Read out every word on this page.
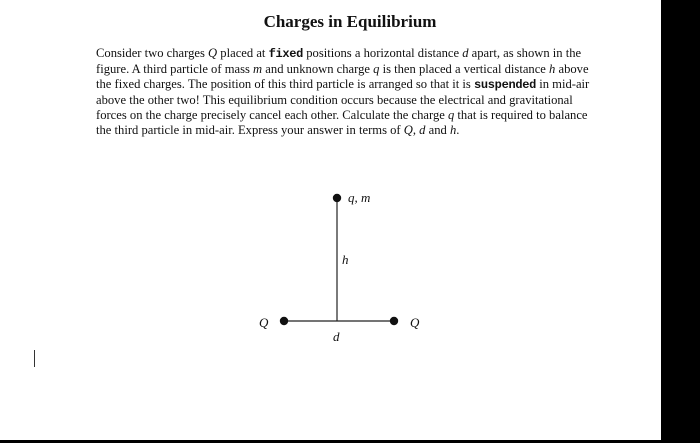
Charges in Equilibrium

Consider two charges Q placed at fixed positions a horizontal distance d apart, as shown in the figure. A third particle of mass m and unknown charge q is then placed a vertical distance h above the fixed charges. The position of this third particle is arranged so that it is suspended in mid-air above the other two! This equilibrium condition occurs because the electrical and gravitational forces on the charge precisely cancel each other. Calculate the charge q that is required to balance the third particle in mid-air. Express your answer in terms of Q, d and h.

q, m
h
Q	Q
d
